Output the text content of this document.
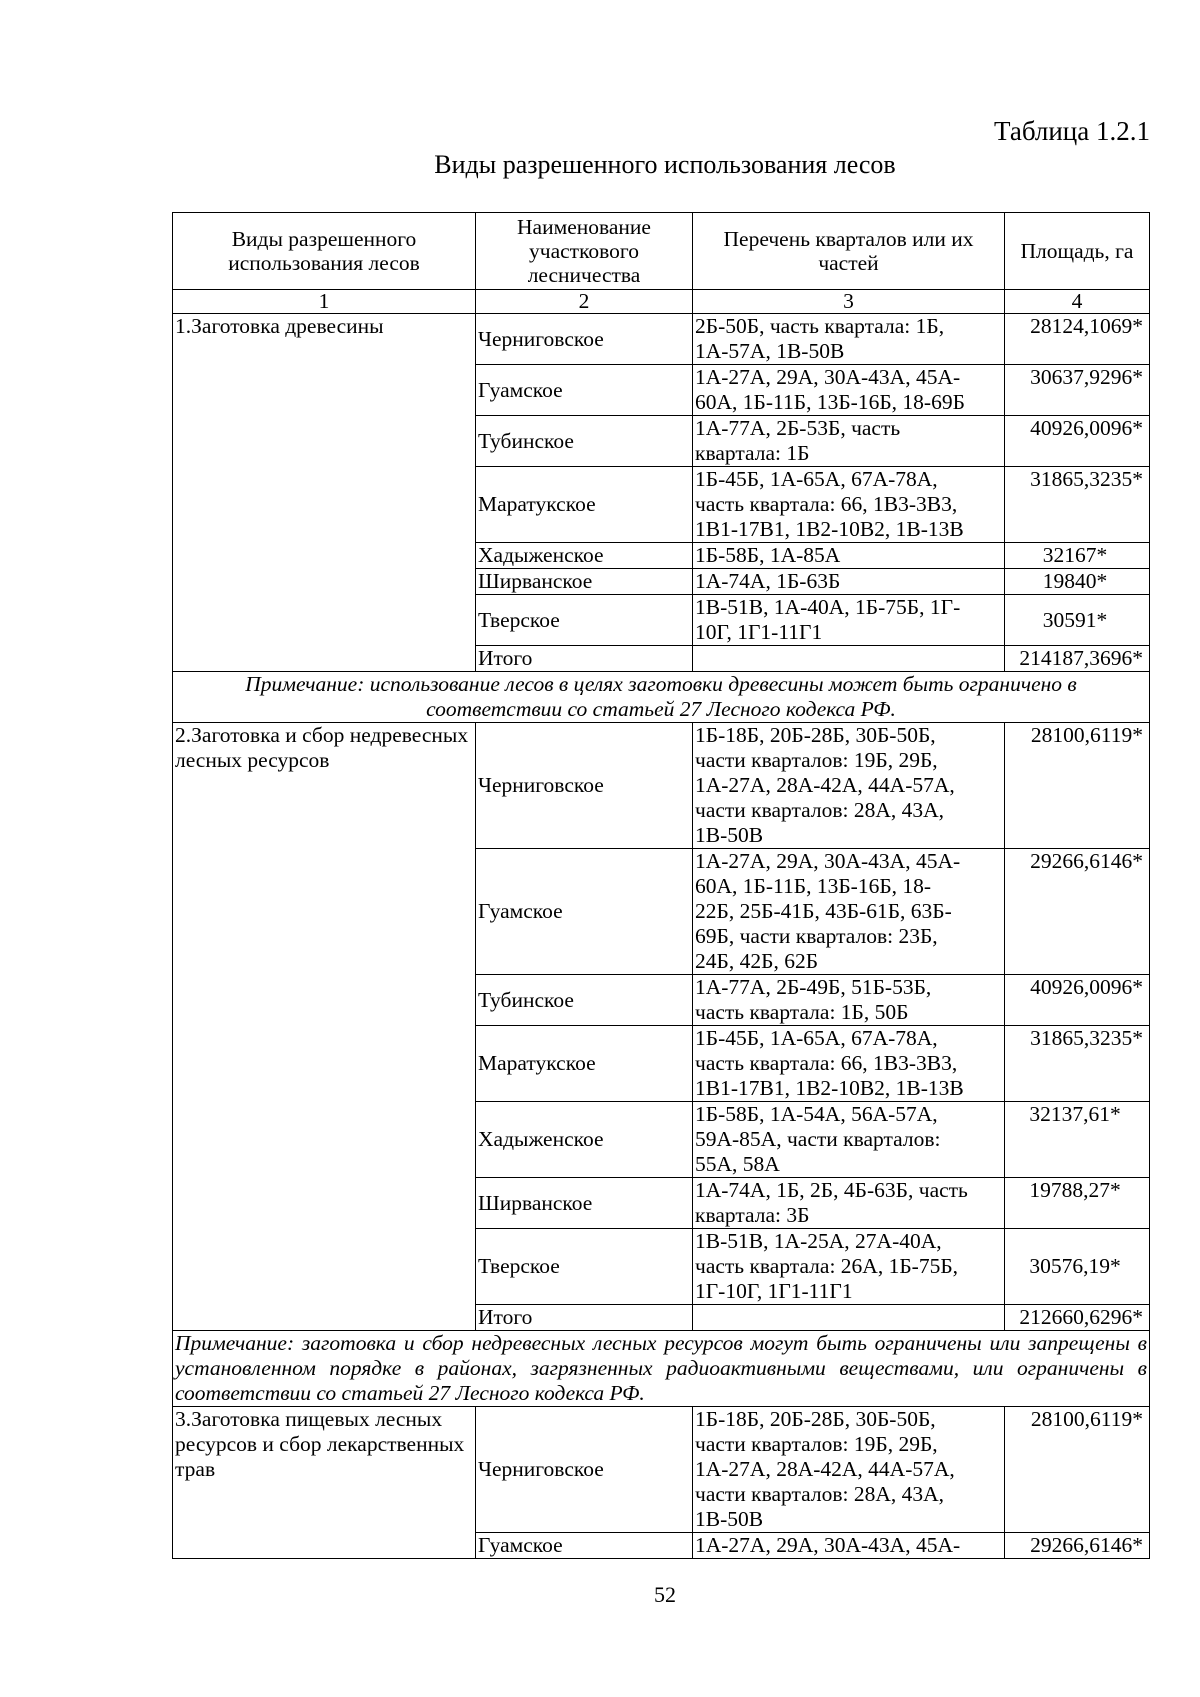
Таблица 1.2.1
Виды разрешенного использования лесов
Виды разрешенного использования лесов	Наименование участкового лесничества	Перечень кварталов или их частей	Площадь, га
1	2	3	4
1.Заготовка древесины	Черниговское	2Б-50Б, часть квартала: 1Б,
1А-57А, 1В-50В	28124,1069*
	Гуамское	1А-27А, 29А, 30А-43А, 45А-
60А, 1Б-11Б, 13Б-16Б, 18-69Б	30637,9296*
	Тубинское	1А-77А, 2Б-53Б, часть
квартала: 1Б	40926,0096*
	Маратукское	1Б-45Б, 1А-65А, 67А-78А,
часть квартала: 66, 1В3-3В3,
1В1-17В1, 1В2-10В2, 1В-13В	31865,3235*
	Хадыженское	1Б-58Б, 1А-85А	32167*
	Ширванское	1А-74А, 1Б-63Б	19840*
	Тверское	1В-51В, 1А-40А, 1Б-75Б, 1Г-
10Г, 1Г1-11Г1	30591*
	Итого		214187,3696*
Примечание: использование лесов в целях заготовки древесины может быть ограничено в соответствии со статьей 27 Лесного кодекса РФ.			
2.Заготовка и сбор недревесных лесных ресурсов	Черниговское	1Б-18Б, 20Б-28Б, 30Б-50Б,
части кварталов: 19Б, 29Б,
1А-27А, 28А-42А, 44А-57А,
части кварталов: 28А, 43А,
1В-50В	28100,6119*
	Гуамское	1А-27А, 29А, 30А-43А, 45А-
60А, 1Б-11Б, 13Б-16Б, 18-
22Б, 25Б-41Б, 43Б-61Б, 63Б-
69Б, части кварталов: 23Б,
24Б, 42Б, 62Б	29266,6146*
	Тубинское	1А-77А, 2Б-49Б, 51Б-53Б,
часть квартала: 1Б, 50Б	40926,0096*
	Маратукское	1Б-45Б, 1А-65А, 67А-78А,
часть квартала: 66, 1В3-3В3,
1В1-17В1, 1В2-10В2, 1В-13В	31865,3235*
	Хадыженское	1Б-58Б, 1А-54А, 56А-57А,
59А-85А, части кварталов:
55А, 58А	32137,61*
	Ширванское	1А-74А, 1Б, 2Б, 4Б-63Б, часть
квартала: 3Б	19788,27*
	Тверское	1В-51В, 1А-25А, 27А-40А,
часть квартала: 26А, 1Б-75Б,
1Г-10Г, 1Г1-11Г1	30576,19*
	Итого		212660,6296*
Примечание: заготовка и сбор недревесных лесных ресурсов могут быть ограничены или запрещены в установленном порядке в районах, загрязненных радиоактивными веществами, или ограничены в соответствии со статьей 27 Лесного кодекса РФ.			
3.Заготовка пищевых лесных ресурсов и сбор лекарственных трав	Черниговское	1Б-18Б, 20Б-28Б, 30Б-50Б,
части кварталов: 19Б, 29Б,
1А-27А, 28А-42А, 44А-57А,
части кварталов: 28А, 43А,
1В-50В	28100,6119*
	Гуамское	1А-27А, 29А, 30А-43А, 45А-	29266,6146*
52
